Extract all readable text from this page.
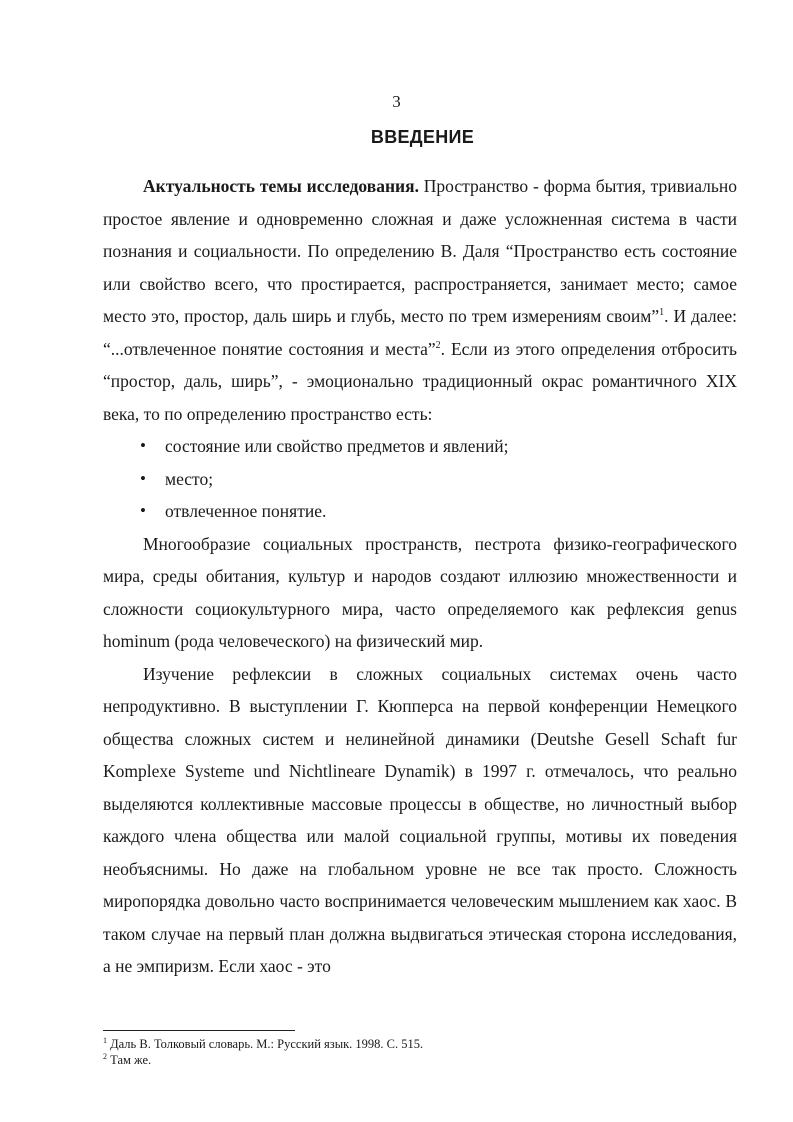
3
ВВЕДЕНИЕ

Актуальность темы исследования. Пространство - форма бытия, тривиально простое явление и одновременно сложная и даже усложненная система в части познания и социальности. По определению В. Даля “Пространство есть состояние или свойство всего, что простирается, распространяется, занимает место; самое место это, простор, даль ширь и глубь, место по трем измерениям своим”$^1$. И далее: “...отвлеченное понятие состояния и места”$^2$. Если из этого определения отбросить “простор, даль, ширь”, - эмоционально традиционный окрас романтичного XIX века, то по определению пространство есть:

• состояние или свойство предметов и явлений;
• место;
• отвлеченное понятие.

Многообразие социальных пространств, пестрота физико-географического мира, среды обитания, культур и народов создают иллюзию множественности и сложности социокультурного мира, часто определяемого как рефлексия genus hominum (рода человеческого) на физический мир.

Изучение рефлексии в сложных социальных системах очень часто непродуктивно. В выступлении Г. Кюпперса на первой конференции Немецкого общества сложных систем и нелинейной динамики (Deutshe Gesell Schaft fur Komplexe Systeme und Nichtlineare Dynamik) в 1997 г. отмечалось, что реально выделяются коллективные массовые процессы в обществе, но личностный выбор каждого члена общества или малой социальной группы, мотивы их поведения необъяснимы. Но даже на глобальном уровне не все так просто. Сложность миропорядка довольно часто воспринимается человеческим мышлением как хаос. В таком случае на первый план должна выдвигаться этическая сторона исследования, а не эмпиризм. Если хаос - это

$^1$ Даль В. Толковый словарь. М.: Русский язык. 1998. С. 515.

$^2$ Там же.
